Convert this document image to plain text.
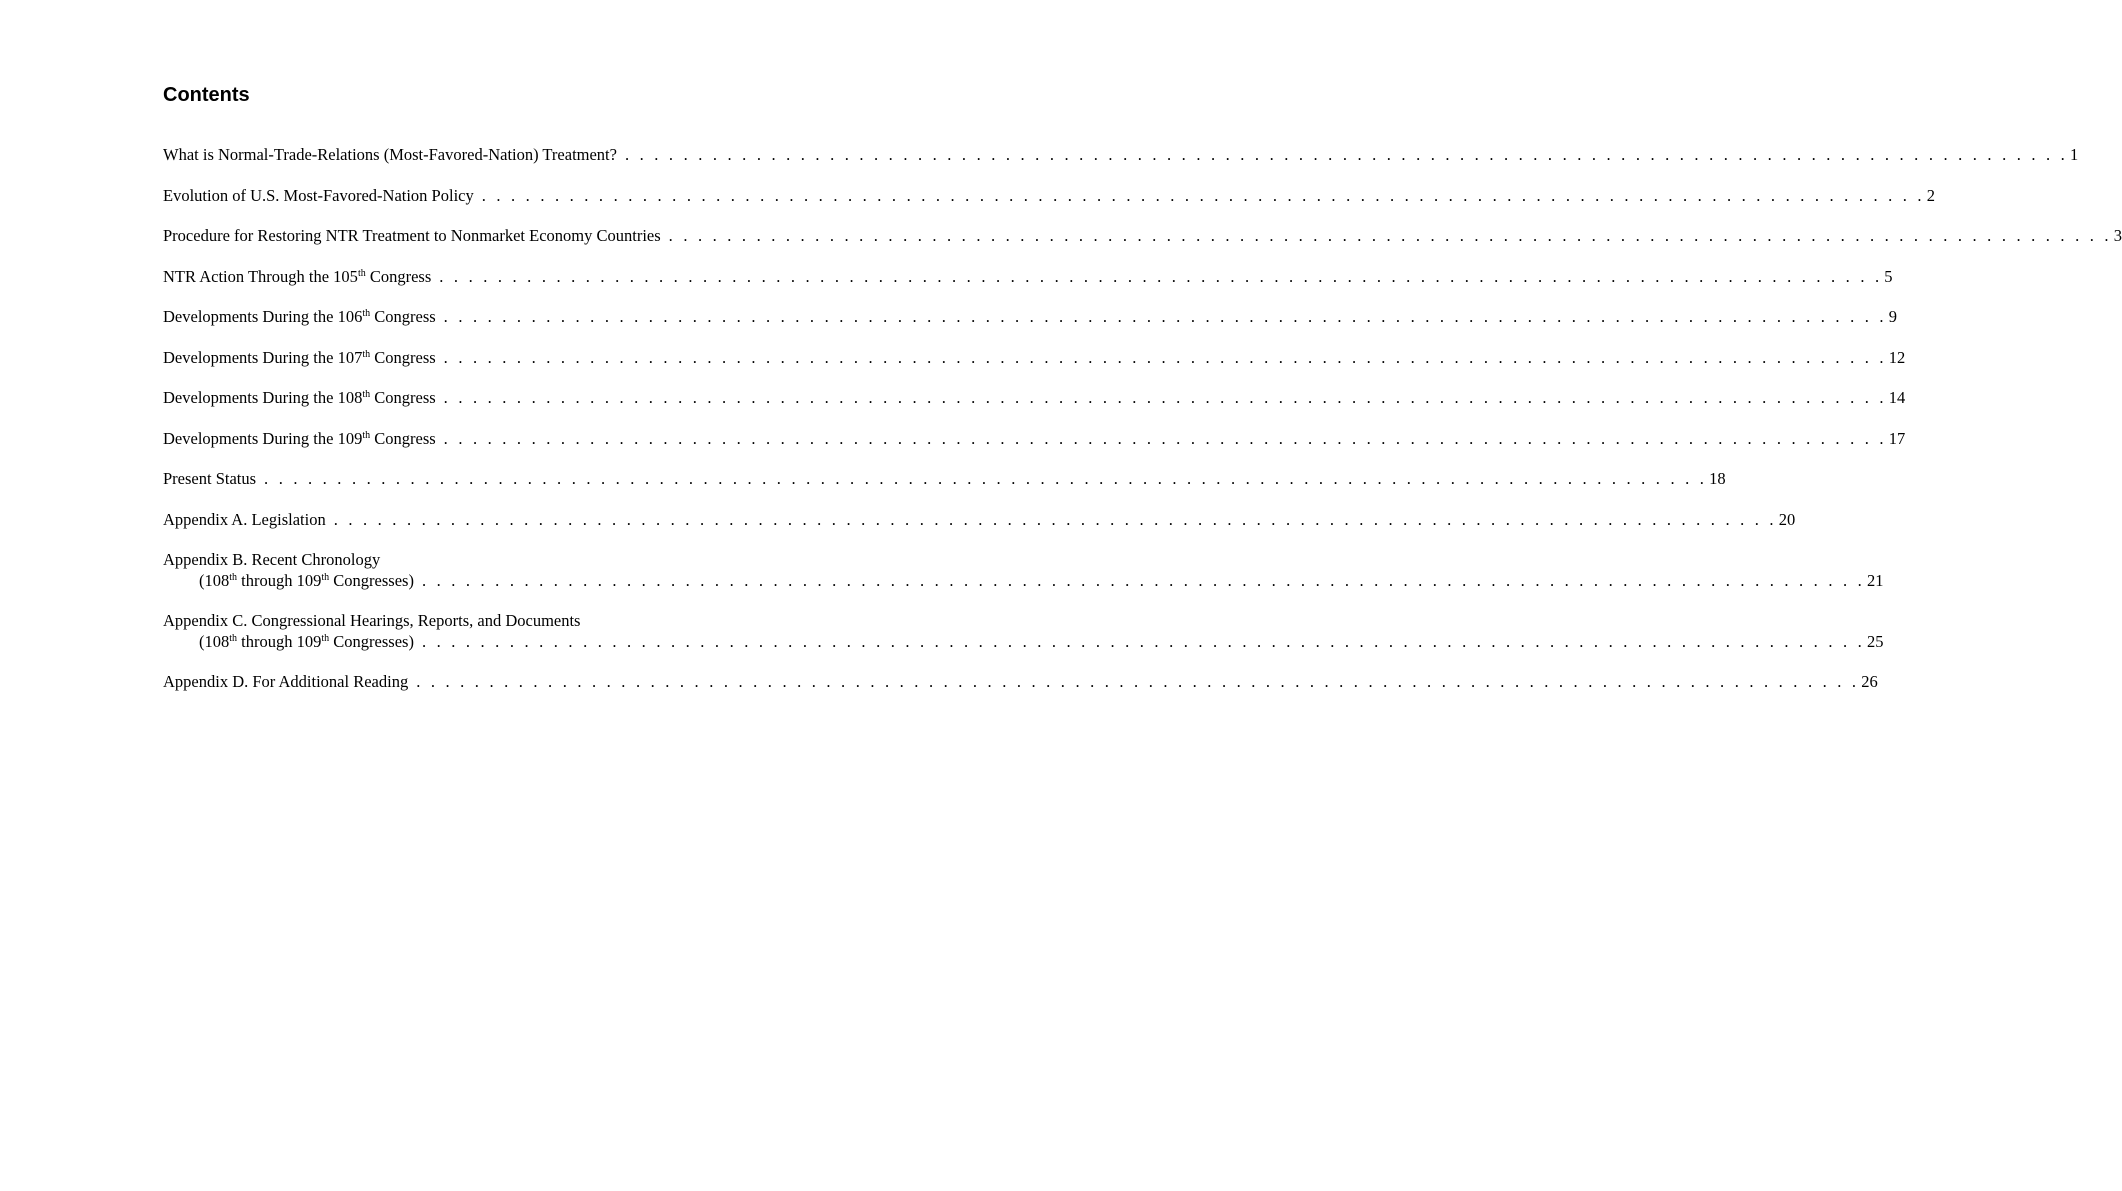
Contents
What is Normal-Trade-Relations (Most-Favored-Nation) Treatment? . . . . . . . . . . . . . . . . . . . . . . . . . . . . . . . . . . . . . . . . . . . . . . . . . . . . . . . . . . . . . . . . . . . . . . . . . . . . . . . . . . . . . . . . . . . . . . . . . . . 1
Evolution of U.S. Most-Favored-Nation Policy . . . . . . . . . . . . . . . . . . . . . . . . . . . . . . . . . . . . . . . . . . . . . . . . . . . . . . . . . . . . . . . . . . . . . . . . . . . . . . . . . . . . . . . . . . . . . . . . . . . 2
Procedure for Restoring NTR Treatment to Nonmarket Economy Countries . . . . . . . . . . . . . . . . . . . . . . . . . . . . . . . . . . . . . . . . . . . . . . . . . . . . . . . . . . . . . . . . . . . . . . . . . . . . . . . . . . . . . . . . . . . . . . . . . . . 3
NTR Action Through the 105th Congress . . . . . . . . . . . . . . . . . . . . . . . . . . . . . . . . . . . . . . . . . . . . . . . . . . . . . . . . . . . . . . . . . . . . . . . . . . . . . . . . . . . . . . . . . . . . . . . . . . . 5
Developments During the 106th Congress . . . . . . . . . . . . . . . . . . . . . . . . . . . . . . . . . . . . . . . . . . . . . . . . . . . . . . . . . . . . . . . . . . . . . . . . . . . . . . . . . . . . . . . . . . . . . . . . . . . 9
Developments During the 107th Congress . . . . . . . . . . . . . . . . . . . . . . . . . . . . . . . . . . . . . . . . . . . . . . . . . . . . . . . . . . . . . . . . . . . . . . . . . . . . . . . . . . . . . . . . . . . . . . . . . . . 12
Developments During the 108th Congress . . . . . . . . . . . . . . . . . . . . . . . . . . . . . . . . . . . . . . . . . . . . . . . . . . . . . . . . . . . . . . . . . . . . . . . . . . . . . . . . . . . . . . . . . . . . . . . . . . . 14
Developments During the 109th Congress . . . . . . . . . . . . . . . . . . . . . . . . . . . . . . . . . . . . . . . . . . . . . . . . . . . . . . . . . . . . . . . . . . . . . . . . . . . . . . . . . . . . . . . . . . . . . . . . . . . 17
Present Status . . . . . . . . . . . . . . . . . . . . . . . . . . . . . . . . . . . . . . . . . . . . . . . . . . . . . . . . . . . . . . . . . . . . . . . . . . . . . . . . . . . . . . . . . . . . . . . . . . . 18
Appendix A. Legislation . . . . . . . . . . . . . . . . . . . . . . . . . . . . . . . . . . . . . . . . . . . . . . . . . . . . . . . . . . . . . . . . . . . . . . . . . . . . . . . . . . . . . . . . . . . . . . . . . . . 20
Appendix B. Recent Chronology
(108th through 109th Congresses) . . . . . . . . . . . . . . . . . . . . . . . . . . . . . . . . . . . . . . . . . . . . . . . . . . . . . . . . . . . . . . . . . . . . . . . . . . . . . . . . . . . . . . . . . . . . . . . . . . . 21
Appendix C. Congressional Hearings, Reports, and Documents
(108th through 109th Congresses) . . . . . . . . . . . . . . . . . . . . . . . . . . . . . . . . . . . . . . . . . . . . . . . . . . . . . . . . . . . . . . . . . . . . . . . . . . . . . . . . . . . . . . . . . . . . . . . . . . . 25
Appendix D. For Additional Reading . . . . . . . . . . . . . . . . . . . . . . . . . . . . . . . . . . . . . . . . . . . . . . . . . . . . . . . . . . . . . . . . . . . . . . . . . . . . . . . . . . . . . . . . . . . . . . . . . . . 26
